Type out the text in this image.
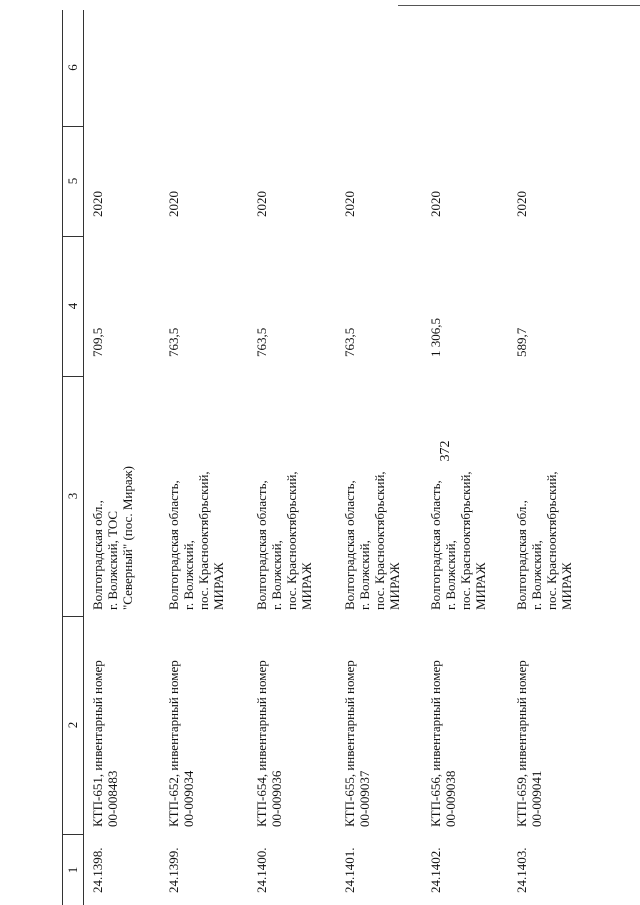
372
1
2
3
4
5
6
24.1398.
КТП-651, инвентарный номер
00-008483
Волгоградская обл.,
г. Волжский, ТОС
"Северный" (пос. Мираж)
709,5
2020
24.1399.
КТП-652, инвентарный номер
00-009034
Волгоградская область,
г. Волжский,
пос. Краснооктябрьский,
МИРАЖ
763,5
2020
24.1400.
КТП-654, инвентарный номер
00-009036
Волгоградская область,
г. Волжский,
пос. Краснооктябрьский,
МИРАЖ
763,5
2020
24.1401.
КТП-655, инвентарный номер
00-009037
Волгоградская область,
г. Волжский,
пос. Краснооктябрьский,
МИРАЖ
763,5
2020
24.1402.
КТП-656, инвентарный номер
00-009038
Волгоградская область,
г. Волжский,
пос. Краснооктябрьский,
МИРАЖ
1 306,5
2020
24.1403.
КТП-659, инвентарный номер
00-009041
Волгоградская обл.,
г. Волжский,
пос. Краснооктябрьский,
МИРАЖ
589,7
2020
